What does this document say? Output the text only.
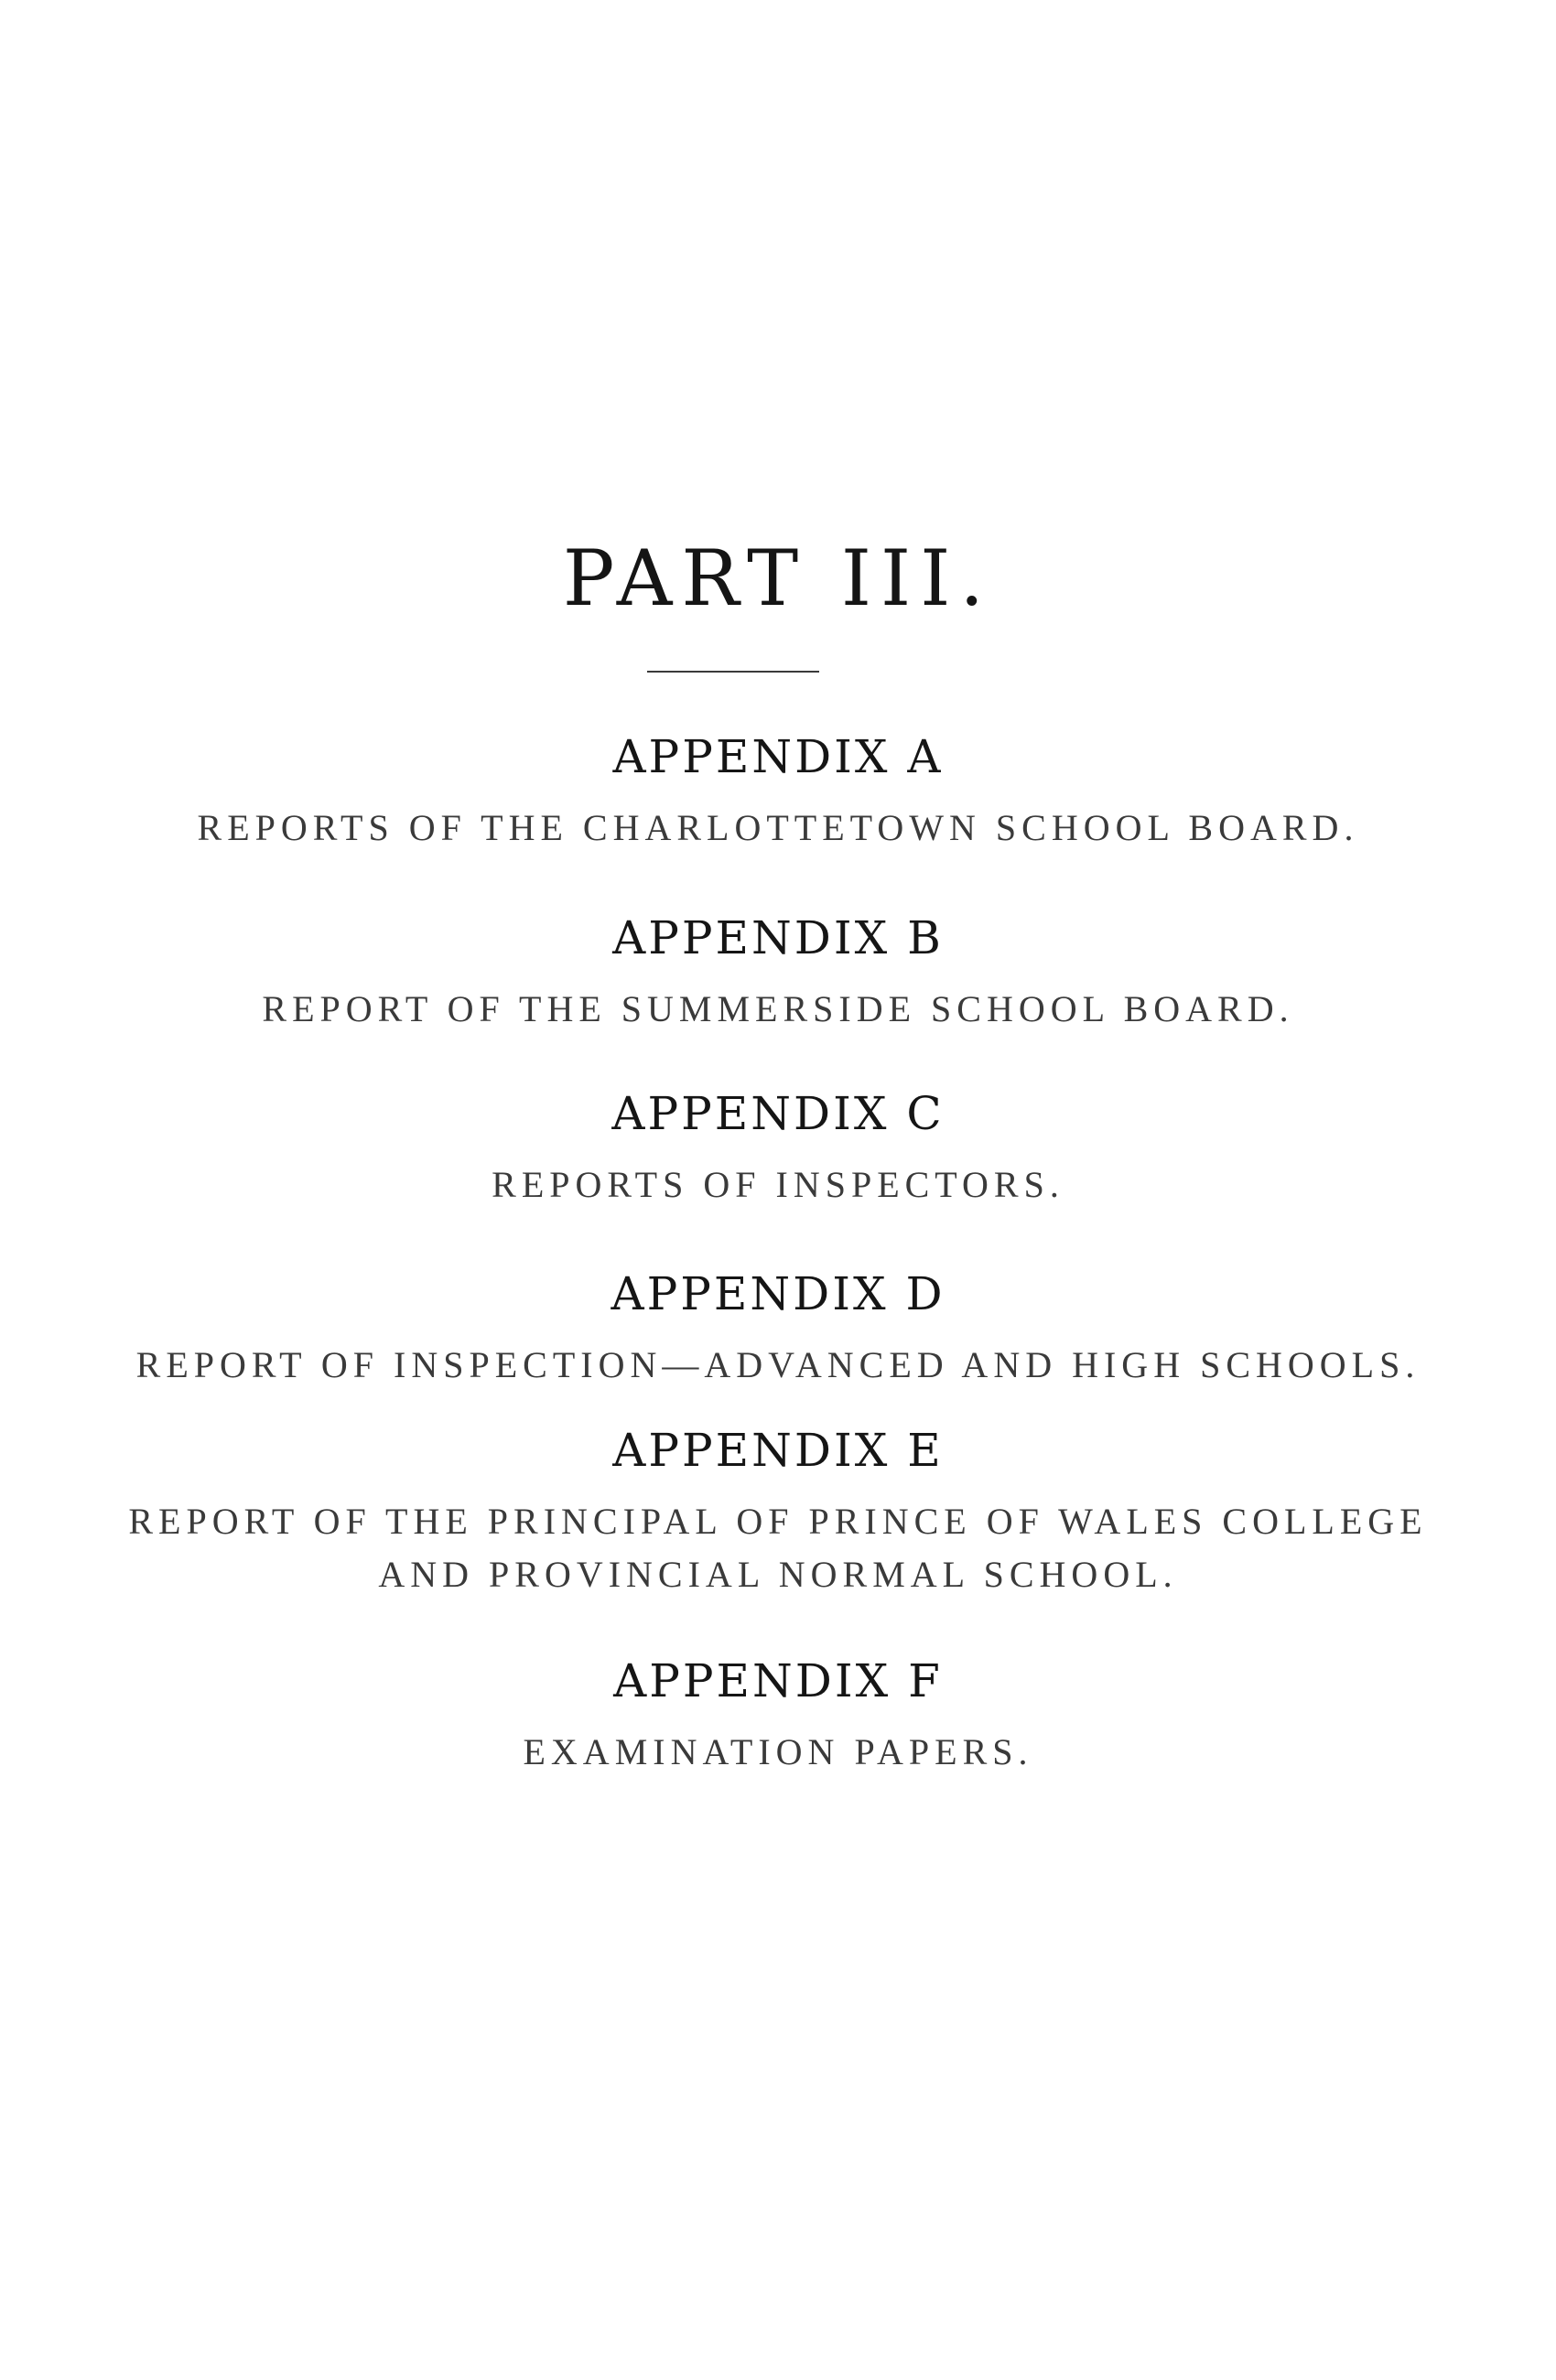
PART III.
APPENDIX A
REPORTS OF THE CHARLOTTETOWN SCHOOL BOARD.
APPENDIX B
REPORT OF THE SUMMERSIDE SCHOOL BOARD.
APPENDIX C
REPORTS OF INSPECTORS.
APPENDIX D
REPORT OF INSPECTION—ADVANCED AND HIGH SCHOOLS.
APPENDIX E
REPORT OF THE PRINCIPAL OF PRINCE OF WALES COLLEGE
AND PROVINCIAL NORMAL SCHOOL.
APPENDIX F
EXAMINATION PAPERS.
